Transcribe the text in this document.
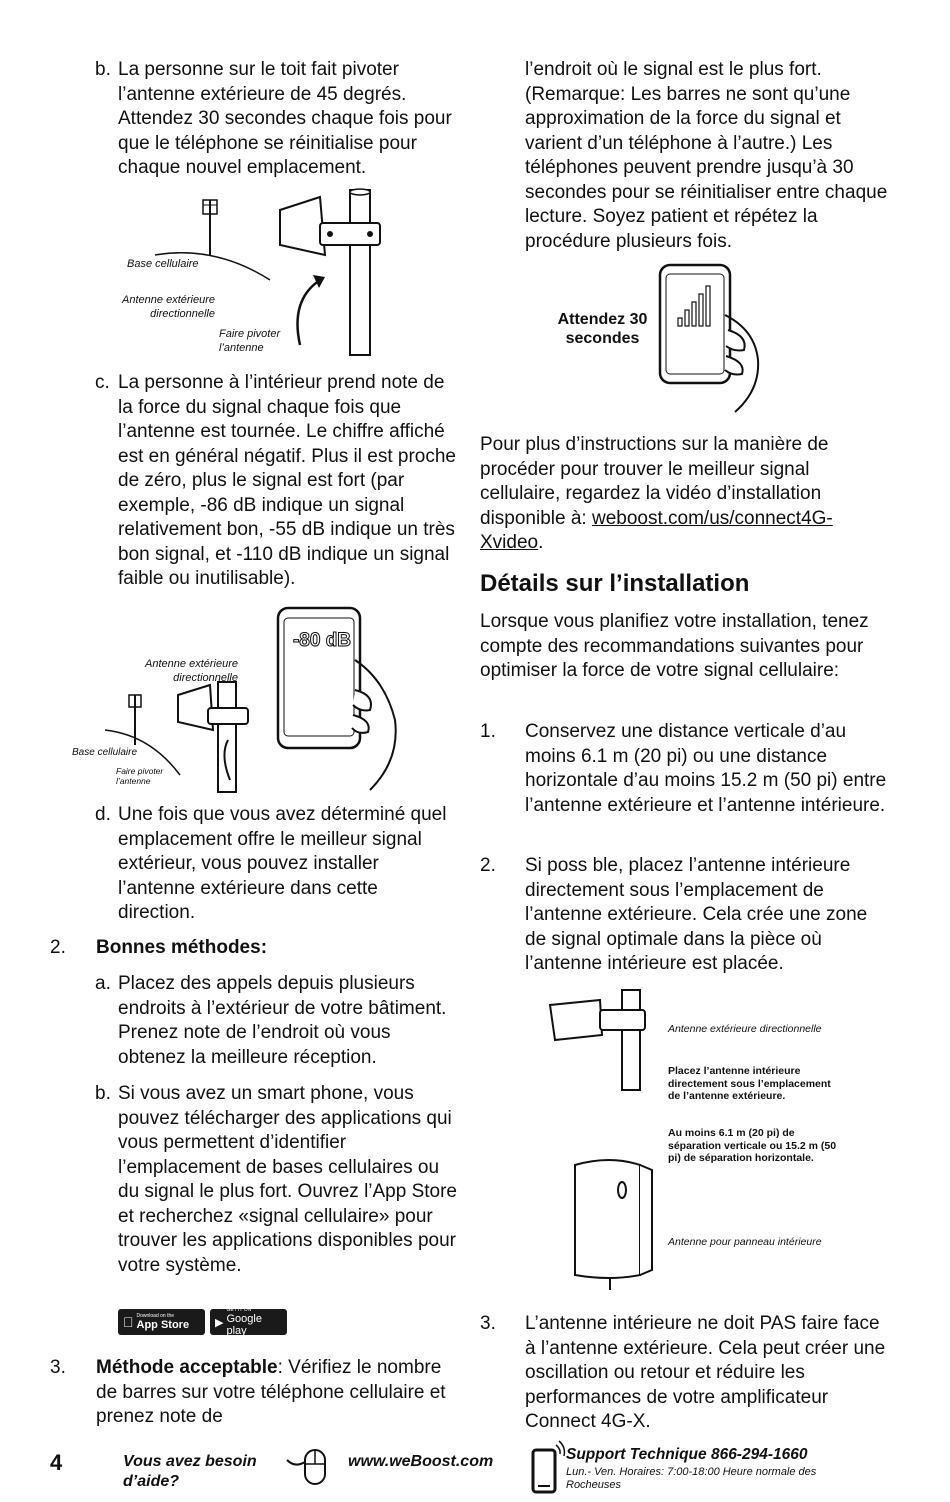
b. La personne sur le toit fait pivoter l’antenne extérieure de 45 degrés. Attendez 30 secondes chaque fois pour que le téléphone se réinitialise pour chaque nouvel emplacement.
Base cellulaire
Antenne extérieure directionnelle
Faire pivoter l’antenne
c. La personne à l’intérieur prend note de la force du signal chaque fois que l’antenne est tournée. Le chiffre affiché est en général négatif. Plus il est proche de zéro, plus le signal est fort (par exemple, -86 dB indique un signal relativement bon, -55 dB indique un très bon signal, et -110 dB indique un signal faible ou inutilisable).
-80 dB
Antenne extérieure directionnelle
Base cellulaire
Faire pivoter l’antenne
d. Une fois que vous avez déterminé quel emplacement offre le meilleur signal extérieur, vous pouvez installer l’antenne extérieure dans cette direction.
2. Bonnes méthodes:
a. Placez des appels depuis plusieurs endroits à l’extérieur de votre bâtiment. Prenez note de l’endroit où vous obtenez la meilleure réception.
b. Si vous avez un smart phone, vous pouvez télécharger des applications qui vous permettent d’identifier l’emplacement de bases cellulaires ou du signal le plus fort. Ouvrez l’App Store et recherchez «signal cellulaire» pour trouver les applications disponibles pour votre système.
Download on the
App Store	▶
GET IT ON
Google play
3. Méthode acceptable: Vérifiez le nombre de barres sur votre téléphone cellulaire et prenez note de
l’endroit où le signal est le plus fort. (Remarque: Les barres ne sont qu’une approximation de la force du signal et varient d’un téléphone à l’autre.) Les téléphones peuvent prendre jusqu’à 30 secondes pour se réinitialiser entre chaque lecture. Soyez patient et répétez la procédure plusieurs fois.
Attendez 30 secondes
Pour plus d’instructions sur la manière de procéder pour trouver le meilleur signal cellulaire, regardez la vidéo d’installation disponible à: weboost.com/us/connect4G-Xvideo.
Détails sur l’installation
Lorsque vous planifiez votre installation, tenez compte des recommandations suivantes pour optimiser la force de votre signal cellulaire:
1. Conservez une distance verticale d’au moins 6.1 m (20 pi) ou une distance horizontale d’au moins 15.2 m (50 pi) entre l’antenne extérieure et l’antenne intérieure.
2. Si poss ble, placez l’antenne intérieure directement sous l’emplacement de l’antenne extérieure. Cela crée une zone de signal optimale dans la pièce où l’antenne intérieure est placée.
Antenne extérieure directionnelle
Placez l’antenne intérieure directement sous l’emplacement de l’antenne extérieure.
Au moins 6.1 m (20 pi) de séparation verticale ou 15.2 m (50 pi) de séparation horizontale.
Antenne pour panneau intérieure
3. L’antenne intérieure ne doit PAS faire face à l’antenne extérieure. Cela peut créer une oscillation ou retour et réduire les performances de votre amplificateur Connect 4G-X.
4	Vous avez besoin d’aide?
www.weBoost.com	Support Technique 866-294-1660
Lun.- Ven. Horaires: 7:00-18:00 Heure normale des Rocheuses
